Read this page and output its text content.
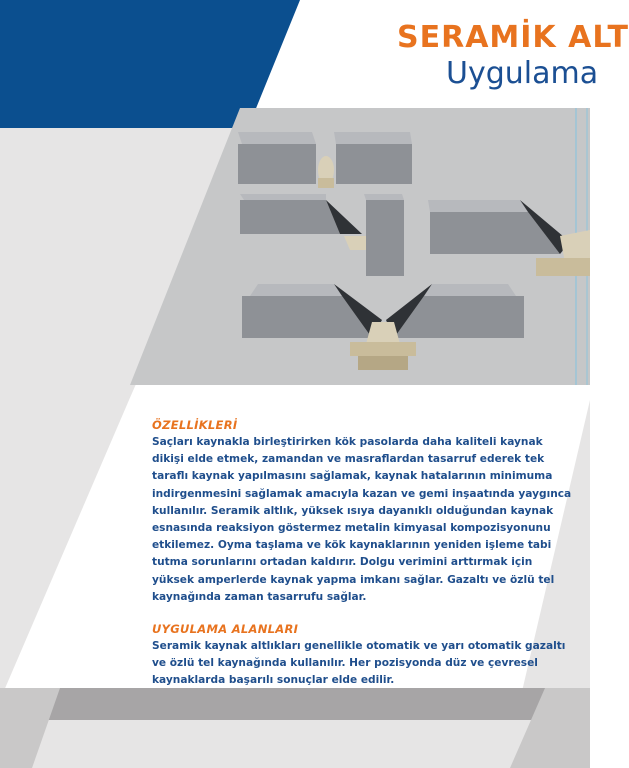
SERAMİK ALT
Uygulama
ÖZELLİKLERİ

Saçları kaynakla birleştirirken kök pasolarda daha kaliteli kaynak dikişi elde etmek, zamandan ve masraflardan tasarruf ederek tek taraflı kaynak yapılmasını sağlamak, kaynak hatalarının minimuma indirgenmesini sağlamak amacıyla kazan ve gemi inşaatında yaygınca kullanılır. Seramik altlık, yüksek ısıya dayanıklı olduğundan kaynak esnasında reaksiyon göstermez metalin kimyasal kompozisyonunu etkilemez. Oyma taşlama ve kök kaynaklarının yeniden işleme tabi tutma sorunlarını ortadan kaldırır. Dolgu verimini arttırmak için yüksek amperlerde kaynak yapma imkanı sağlar. Gazaltı ve özlü tel kaynağında zaman tasarrufu sağlar.

UYGULAMA ALANLARI

Seramik kaynak altlıkları genellikle otomatik ve yarı otomatik gazaltı ve özlü tel kaynağında kullanılır. Her pozisyonda düz ve çevresel kaynaklarda başarılı sonuçlar elde edilir.
